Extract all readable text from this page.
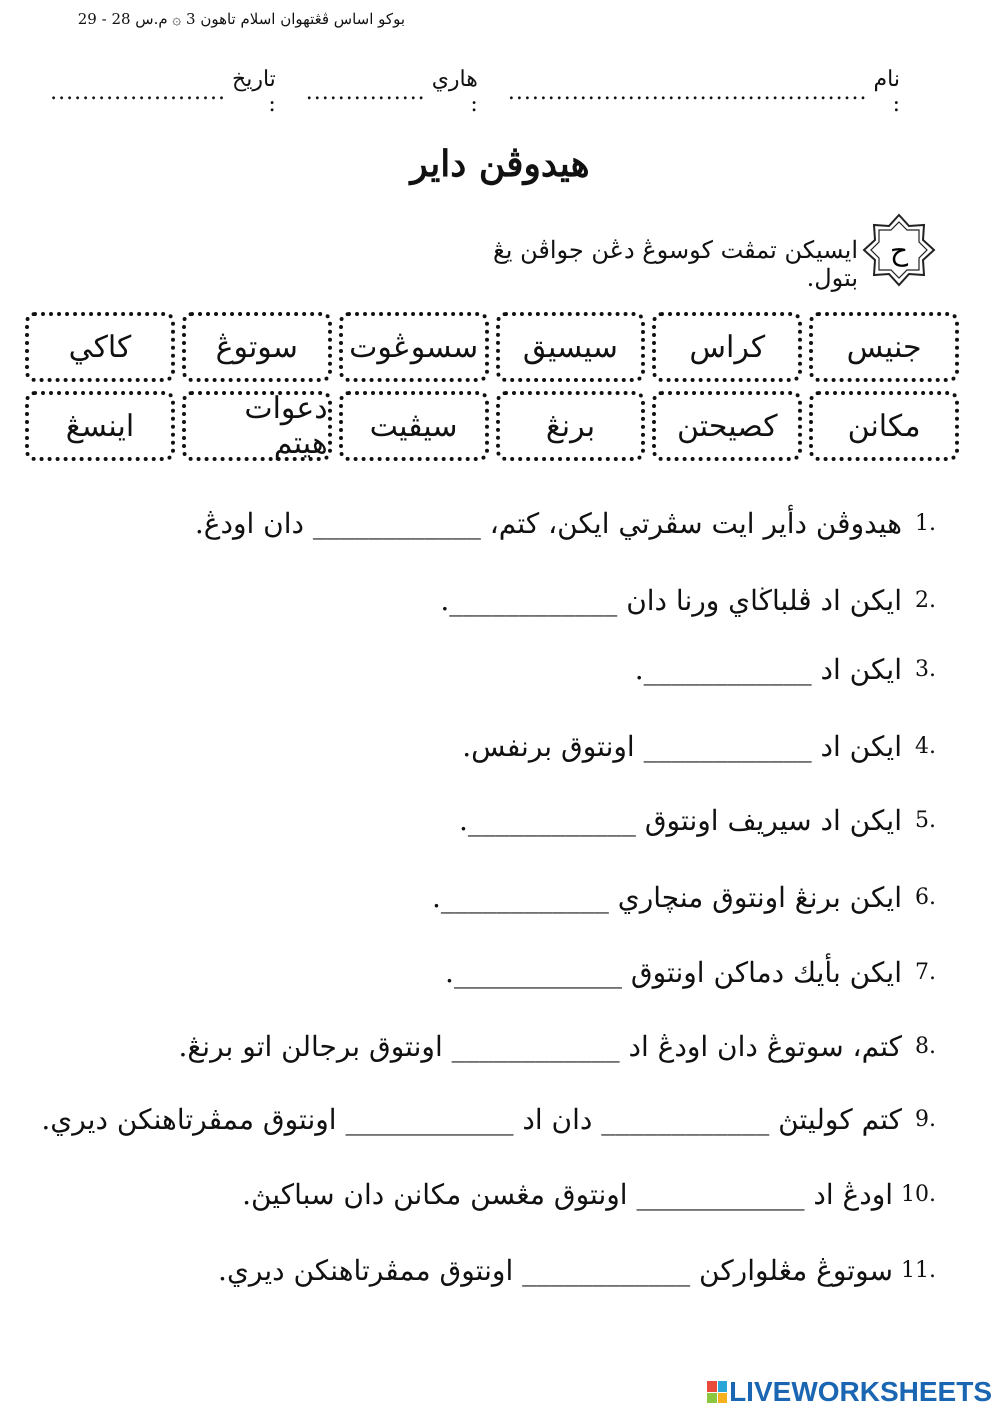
بوکو اساس ڤڠتهوان اسلام تاهون 3 ۞ م.س 28 - 29
نام :
.............................................
هاري :
...............
تاريخ :
......................
هيدوڤن داير
ح
ايسيکن تمڤت کوسوڠ دڠن جواڤن يڠ بتول.
جنيس
کراس
سيسيق
سسوڠوت
سوتوڠ
کاکي
مکانن
کصيحتن
برنڠ
سيڤيت
دعوات هيتم
اينسڠ
1.
هيدوڤن دأير ايت سڤرتي ايکن، کتم، ____________ دان اودڠ.
2.
ايکن اد ڤلباڬاي ورنا دان ____________.
3.
ايکن اد ____________.
4.
ايکن اد ____________ اونتوق برنفس.
5.
ايکن اد سيريف اونتوق ____________.
6.
ايکن برنڠ اونتوق منچاري ____________.
7.
ايکن بأيك دماکن اونتوق ____________.
8.
کتم، سوتوڠ دان اودڠ اد ____________ اونتوق برجالن اتو برنڠ.
9.
کتم کوليتڽ ____________ دان اد ____________ اونتوق ممڤرتاهنکن ديري.
10.
اودڠ اد ____________ اونتوق مڠسن مکانن دان سباکيڽ.
11.
سوتوڠ مڠلوارکن ____________ اونتوق ممڤرتاهنکن ديري.
LIVEWORKSHEETS
